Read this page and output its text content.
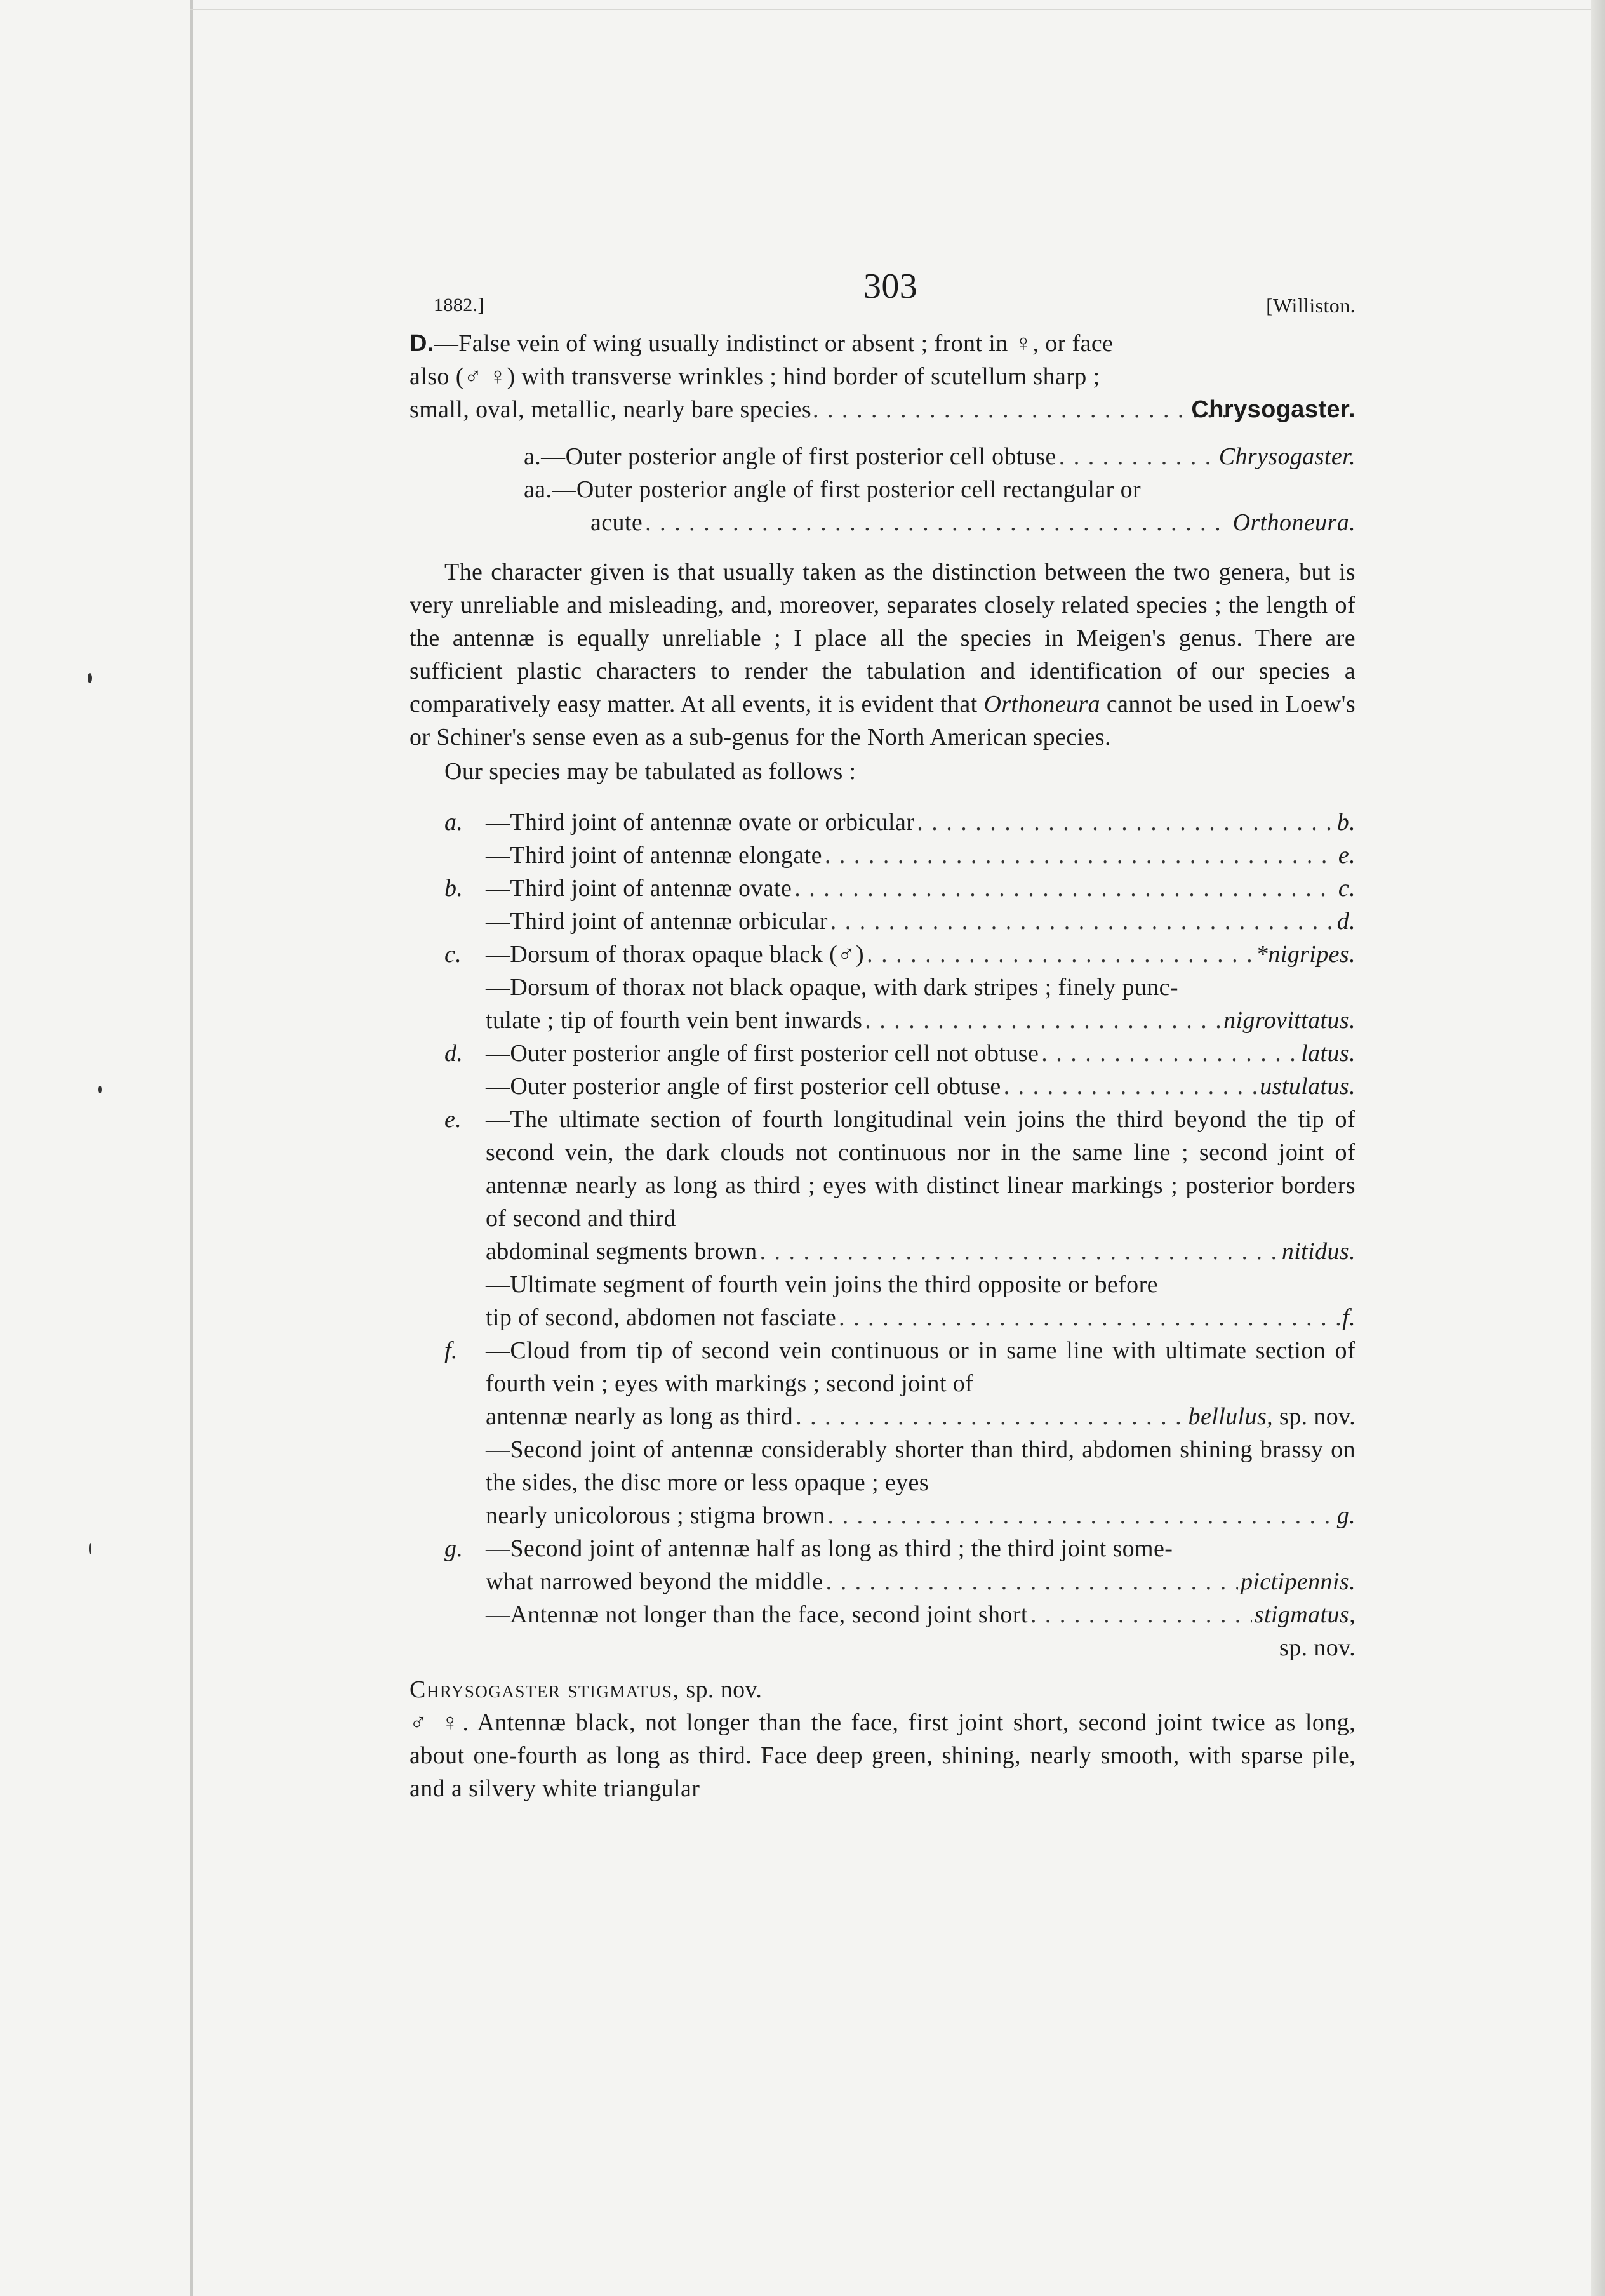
1882.]	303	[Williston.

D.—False vein of wing usually indistinct or absent ; front in ♀, or face

also (♂ ♀) with transverse wrinkles ; hind border of scutellum sharp ;

small, oval, metallic, nearly bare species . . .	Chrysogaster.
a.—Outer posterior angle of first posterior cell obtuse . . .	Chrysogaster.
aa.—Outer posterior angle of first posterior cell rectangular or
acute . . .	Orthoneura.
The character given is that usually taken as the distinction between the two genera, but is very unreliable and misleading, and, moreover, separates closely related species ; the length of the antennæ is equally unreliable ; I place all the species in Meigen's genus. There are sufficient plastic characters to render the tabulation and identification of our species a comparatively easy matter. At all events, it is evident that Orthoneura cannot be used in Loew's or Schiner's sense even as a sub-genus for the North American species.
Our species may be tabulated as follows :
a. —Third joint of antennæ ovate or orbicular . . .	b.
—Third joint of antennæ elongate . . .	e.
b. —Third joint of antennæ ovate . . .	c.
—Third joint of antennæ orbicular . . .	d.
c. —Dorsum of thorax opaque black (♂) . . .	*nigripes.
—Dorsum of thorax not black opaque, with dark stripes ; finely punc-
tulate ; tip of fourth vein bent inwards . . .	nigrovittatus.
d. —Outer posterior angle of first posterior cell not obtuse . . .	latus.
—Outer posterior angle of first posterior cell obtuse . . .	ustulatus.
e. —The ultimate section of fourth longitudinal vein joins the third beyond the tip of second vein, the dark clouds not continuous nor in the same line ; second joint of antennæ nearly as long as third ; eyes with distinct linear markings ; posterior borders of second and third
abdominal segments brown . . .	nitidus.
—Ultimate segment of fourth vein joins the third opposite or before
tip of second, abdomen not fasciate . . .	f.
f. —Cloud from tip of second vein continuous or in same line with ultimate section of fourth vein ; eyes with markings ; second joint of
antennæ nearly as long as third . . .	bellulus,
sp. nov.
—Second joint of antennæ considerably shorter than third, abdomen shining brassy on the sides, the disc more or less opaque ; eyes
nearly unicolorous ; stigma brown . . .	g.
g. —Second joint of antennæ half as long as third ; the third joint some-
what narrowed beyond the middle . . .	pictipennis.
—Antennæ not longer than the face, second joint short . . .	stigmatus,
sp. nov.
Chrysogaster stigmatus, sp. nov.
♂ ♀. Antennæ black, not longer than the face, first joint short, second joint twice as long, about one-fourth as long as third. Face deep green, shining, nearly smooth, with sparse pile, and a silvery white triangular
